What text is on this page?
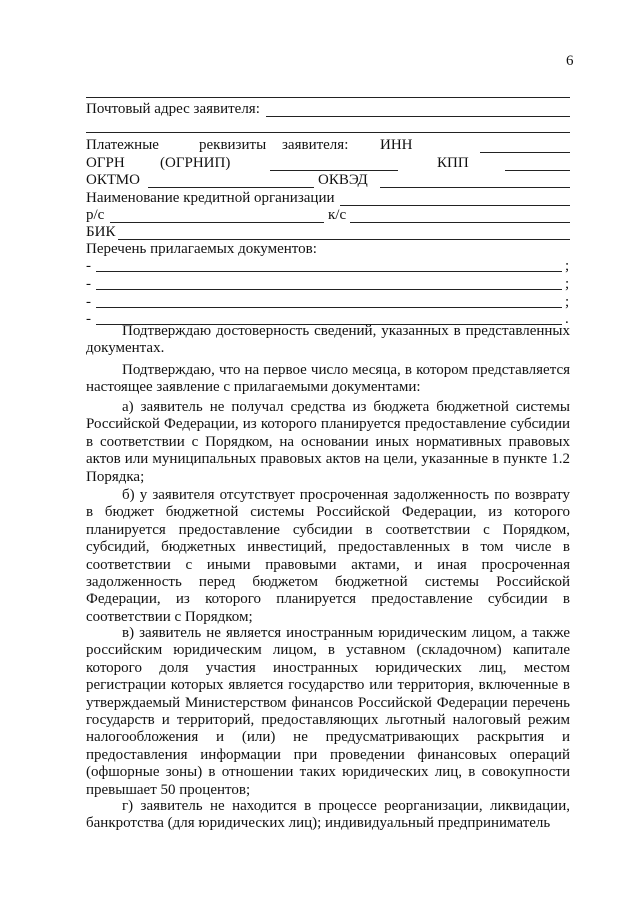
6
Почтовый адрес заявителя:
Платежные	реквизиты заявителя: ИНН
ОГРН (ОГРНИП)	КПП
ОКТМО	ОКВЭД
Наименование кредитной организации
р/с	к/с
БИК
Перечень прилагаемых документов:
-	;
-	;
-	;
-	.

Подтверждаю достоверность сведений, указанных в представленных документах.

Подтверждаю, что на первое число месяца, в котором представляется настоящее заявление с прилагаемыми документами:

а) заявитель не получал средства из бюджета бюджетной системы Российской Федерации, из которого планируется предоставление субсидии в соответствии с Порядком, на основании иных нормативных правовых актов или муниципальных правовых актов на цели, указанные в пункте 1.2 Порядка;

б) у заявителя отсутствует просроченная задолженность по возврату в бюджет бюджетной системы Российской Федерации, из которого планируется предоставление субсидии в соответствии с Порядком, субсидий, бюджетных инвестиций, предоставленных в том числе в соответствии с иными правовыми актами, и иная просроченная задолженность перед бюджетом бюджетной системы Российской Федерации, из которого планируется предоставление субсидии в соответствии с Порядком;

в) заявитель не является иностранным юридическим лицом, а также российским юридическим лицом, в уставном (складочном) капитале которого доля участия иностранных юридических лиц, местом регистрации которых является государство или территория, включенные в утверждаемый Министерством финансов Российской Федерации перечень государств и территорий, предоставляющих льготный налоговый режим налогообложения и (или) не предусматривающих раскрытия и предоставления информации при проведении финансовых операций (офшорные зоны) в отношении таких юридических лиц, в совокупности превышает 50 процентов;

г) заявитель не находится в процессе реорганизации, ликвидации, банкротства (для юридических лиц); индивидуальный предприниматель
